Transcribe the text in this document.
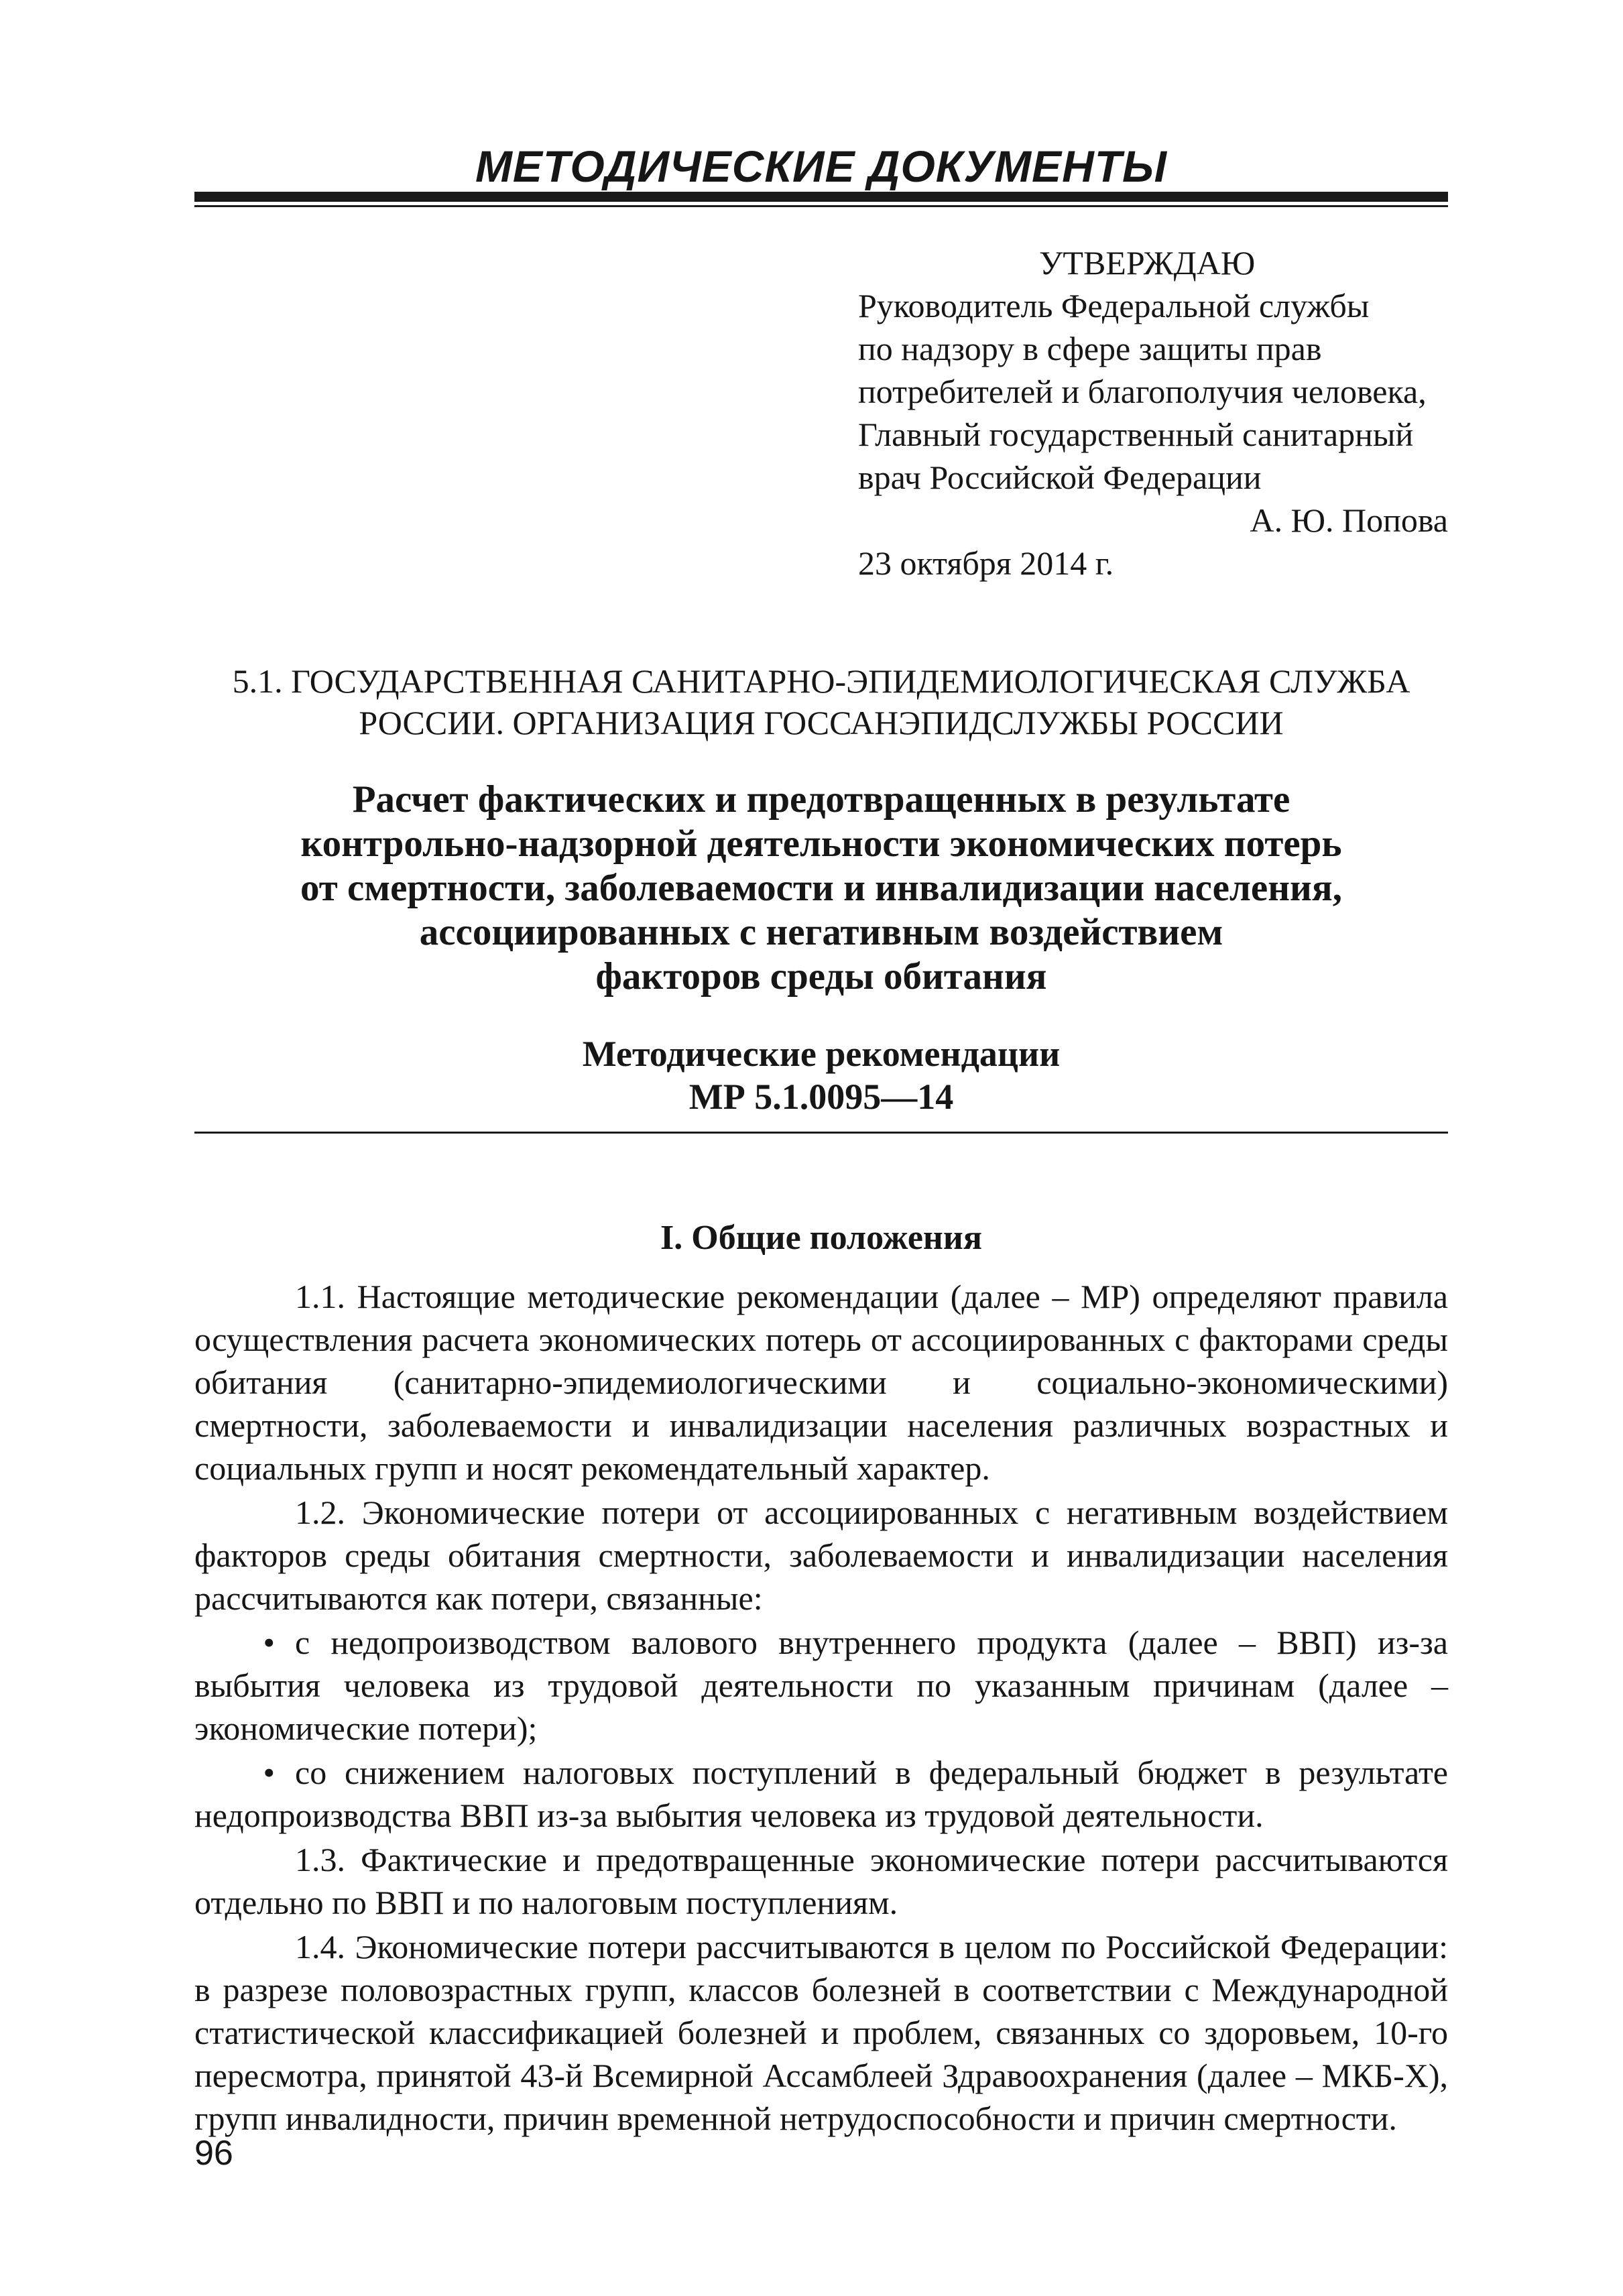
МЕТОДИЧЕСКИЕ ДОКУМЕНТЫ
УТВЕРЖДАЮ
Руководитель Федеральной службы
по надзору в сфере защиты прав
потребителей и благополучия человека,
Главный государственный санитарный
врач Российской Федерации
А. Ю. Попова
23 октября 2014 г.
5.1. ГОСУДАРСТВЕННАЯ САНИТАРНО-ЭПИДЕМИОЛОГИЧЕСКАЯ СЛУЖБА
РОССИИ. ОРГАНИЗАЦИЯ ГОССАНЭПИДСЛУЖБЫ РОССИИ
Расчет фактических и предотвращенных в результате
контрольно-надзорной деятельности экономических потерь
от смертности, заболеваемости и инвалидизации населения,
ассоциированных с негативным воздействием
факторов среды обитания
Методические рекомендации
МР 5.1.0095—14
I. Общие положения

1.1. Настоящие методические рекомендации (далее – МР) определяют правила осуществления расчета экономических потерь от ассоциированных с факторами среды обитания (санитарно-эпидемиологическими и социально-экономическими) смертности, заболеваемости и инвалидизации населения различных возрастных и социальных групп и носят рекомендательный характер.

1.2. Экономические потери от ассоциированных с негативным воздействием факторов среды обитания смертности, заболеваемости и инвалидизации населения рассчитываются как потери, связанные:

• с недопроизводством валового внутреннего продукта (далее – ВВП) из-за выбытия человека из трудовой деятельности по указанным причинам (далее – экономические потери);

• со снижением налоговых поступлений в федеральный бюджет в результате недопроизводства ВВП из-за выбытия человека из трудовой деятельности.

1.3. Фактические и предотвращенные экономические потери рассчитываются отдельно по ВВП и по налоговым поступлениям.

1.4. Экономические потери рассчитываются в целом по Российской Федерации: в разрезе половозрастных групп, классов болезней в соответствии с Международной статистической классификацией болезней и проблем, связанных со здоровьем, 10-го пересмотра, принятой 43-й Всемирной Ассамблеей Здравоохранения (далее – МКБ-Х), групп инвалидности, причин временной нетрудоспособности и причин смертности.

96
